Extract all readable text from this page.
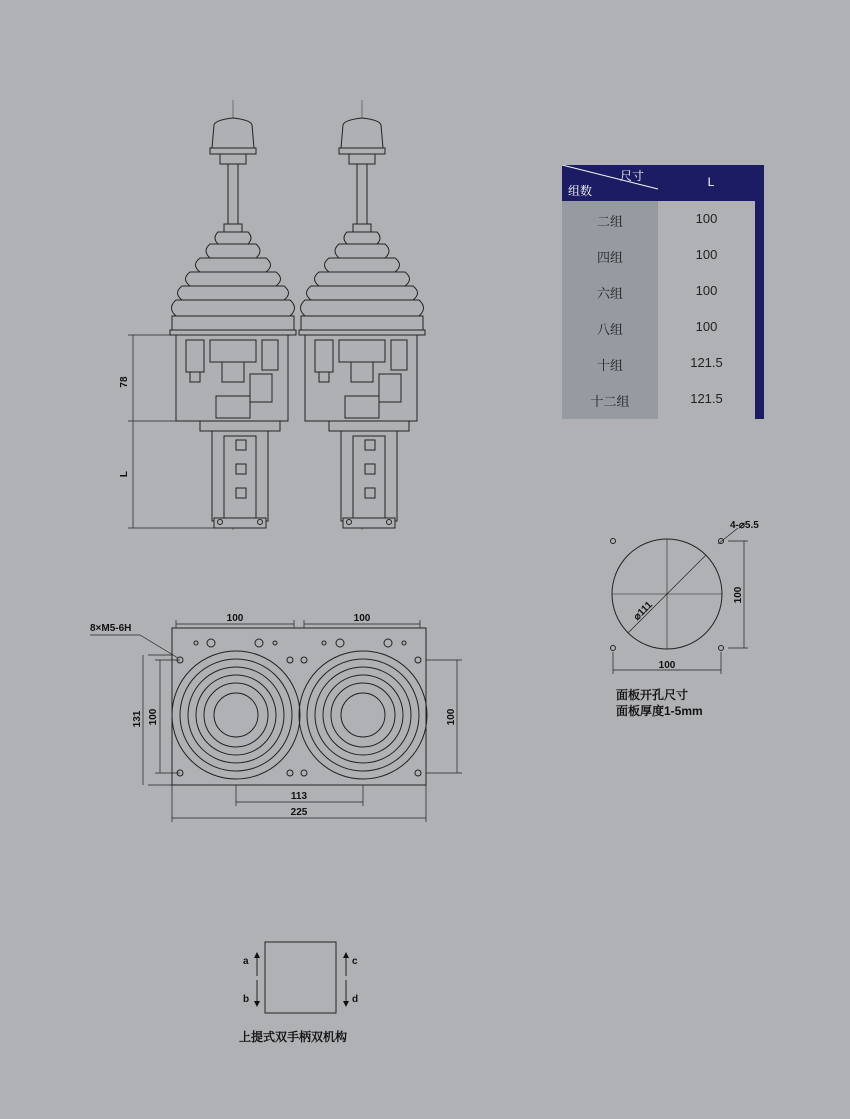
78
L
8×M5-6H
100	100
131 100	100
113
225
4-⌀5.5
⌀111
100
100
面板开孔尺寸
面板厚度1-5mm
a
b
c
d
上提式双手柄双机构
尺寸
组数
L
二组	100
四组	100
六组	100
八组	100
十组	121.5
十二组	121.5
